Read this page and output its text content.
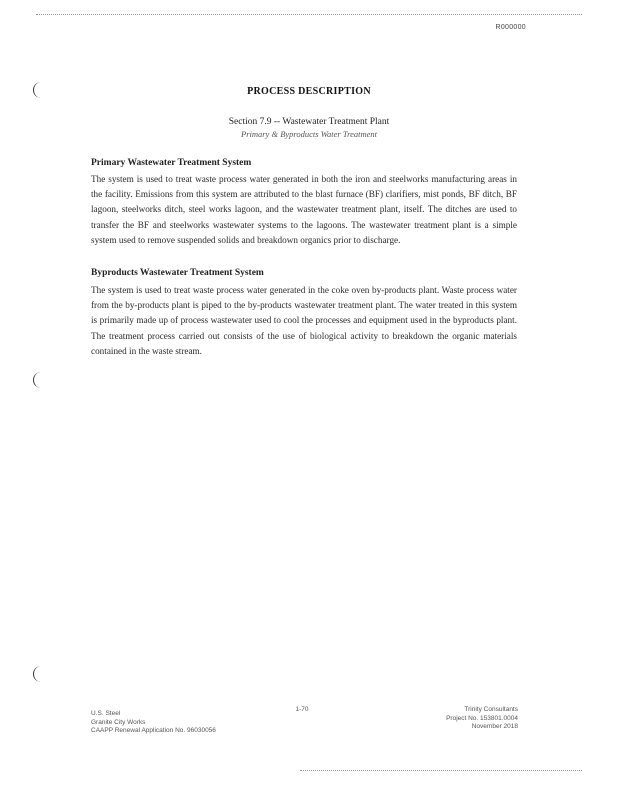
R000000
PROCESS DESCRIPTION
Section 7.9 -- Wastewater Treatment Plant
Primary & Byproducts Water Treatment
Primary Wastewater Treatment System

The system is used to treat waste process water generated in both the iron and steelworks manufacturing areas in the facility. Emissions from this system are attributed to the blast furnace (BF) clarifiers, mist ponds, BF ditch, BF lagoon, steelworks ditch, steel works lagoon, and the wastewater treatment plant, itself. The ditches are used to transfer the BF and steelworks wastewater systems to the lagoons. The wastewater treatment plant is a simple system used to remove suspended solids and breakdown organics prior to discharge.

Byproducts Wastewater Treatment System

The system is used to treat waste process water generated in the coke oven by-products plant. Waste process water from the by-products plant is piped to the by-products wastewater treatment plant. The water treated in this system is primarily made up of process wastewater used to cool the processes and equipment used in the byproducts plant. The treatment process carried out consists of the use of biological activity to breakdown the organic materials contained in the waste stream.

U.S. Steel
Granite City Works
CAAPP Renewal Application No. 96030056
1-70	Trinity Consultants
Project No. 153801.0004
November 2018
